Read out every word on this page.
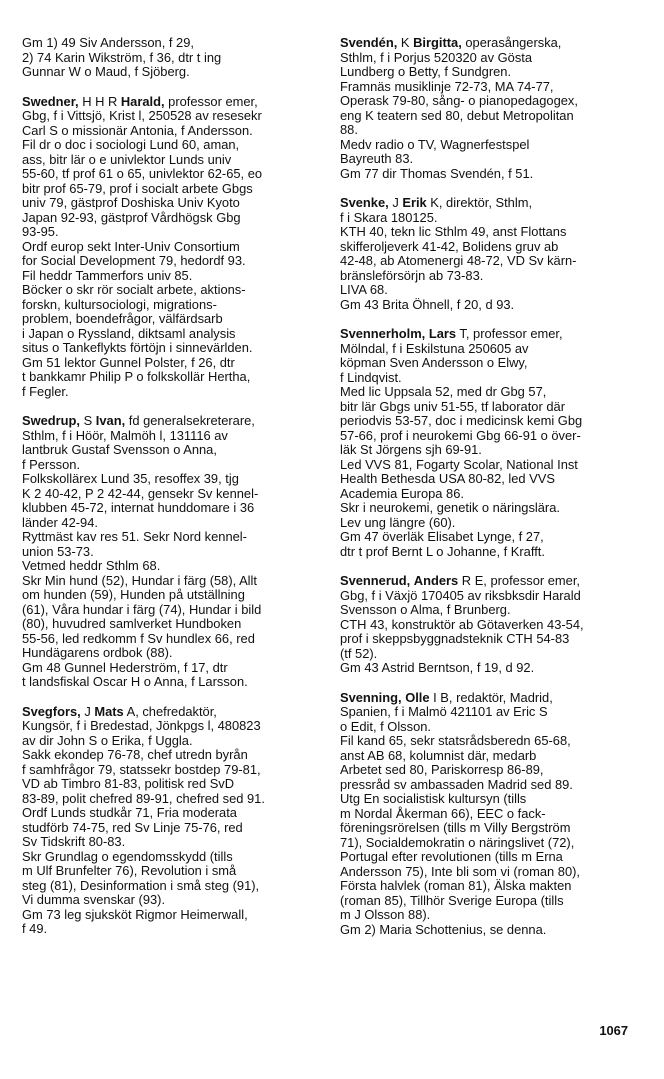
Gm 1) 49 Siv Andersson, f 29,
2) 74 Karin Wikström, f 36, dtr t ing
Gunnar W o Maud, f Sjöberg.

Swedner, H H R Harald, professor emer,
Gbg, f i Vittsjö, Krist l, 250528 av resesekr
Carl S o missionär Antonia, f Andersson.

Fil dr o doc i sociologi Lund 60, aman,
ass, bitr lär o e univlektor Lunds univ
55-60, tf prof 61 o 65, univlektor 62-65, eo
bitr prof 65-79, prof i socialt arbete Gbgs
univ 79, gästprof Doshiska Univ Kyoto
Japan 92-93, gästprof Vårdhögsk Gbg
93-95.

Ordf europ sekt Inter-Univ Consortium
for Social Development 79, hedordf 93.

Fil heddr Tammerfors univ 85.

Böcker o skr rör socialt arbete, aktions-
forskn, kultursociologi, migrations-
problem, boendefrågor, välfärdsarb
i Japan o Ryssland, diktsaml analysis
situs o Tankeflykts förtöjn i sinnevärlden.

Gm 51 lektor Gunnel Polster, f 26, dtr
t bankkamr Philip P o folkskollär Hertha,
f Fegler.

Swedrup, S Ivan, fd generalsekreterare,
Sthlm, f i Höör, Malmöh l, 131116 av
lantbruk Gustaf Svensson o Anna,
f Persson.

Folkskollärex Lund 35, resoffex 39, tjg
K 2 40-42, P 2 42-44, gensekr Sv kennel-
klubben 45-72, internat hunddomare i 36
länder 42-94.

Ryttmäst kav res 51. Sekr Nord kennel-
union 53-73.

Vetmed heddr Sthlm 68.

Skr Min hund (52), Hundar i färg (58), Allt
om hunden (59), Hunden på utställning
(61), Våra hundar i färg (74), Hundar i bild
(80), huvudred samlverket Hundboken
55-56, led redkomm f Sv hundlex 66, red
Hundägarens ordbok (88).

Gm 48 Gunnel Hederström, f 17, dtr
t landsfiskal Oscar H o Anna, f Larsson.

Svegfors, J Mats A, chefredaktör,
Kungsör, f i Bredestad, Jönkpgs l, 480823
av dir John S o Erika, f Uggla.

Sakk ekondep 76-78, chef utredn byrån
f samhfrågor 79, statssekr bostdep 79-81,
VD ab Timbro 81-83, politisk red SvD
83-89, polit chefred 89-91, chefred sed 91.

Ordf Lunds studkår 71, Fria moderata
studförb 74-75, red Sv Linje 75-76, red
Sv Tidskrift 80-83.

Skr Grundlag o egendomsskydd (tills
m Ulf Brunfelter 76), Revolution i små
steg (81), Desinformation i små steg (91),
Vi dumma svenskar (93).

Gm 73 leg sjuksköt Rigmor Heimerwall,
f 49.

Svendén, K Birgitta, operasångerska,
Sthlm, f i Porjus 520320 av Gösta
Lundberg o Betty, f Sundgren.

Framnäs musiklinje 72-73, MA 74-77,
Operask 79-80, sång- o pianopedagogex,
eng K teatern sed 80, debut Metropolitan
88.

Medv radio o TV, Wagnerfestspel
Bayreuth 83.

Gm 77 dir Thomas Svendén, f 51.

Svenke, J Erik K, direktör, Sthlm,
f i Skara 180125.

KTH 40, tekn lic Sthlm 49, anst Flottans
skifferoljeverk 41-42, Bolidens gruv ab
42-48, ab Atomenergi 48-72, VD Sv kärn-
bränsleförsörjn ab 73-83.

LIVA 68.

Gm 43 Brita Öhnell, f 20, d 93.

Svennerholm, Lars T, professor emer,
Mölndal, f i Eskilstuna 250605 av
köpman Sven Andersson o Elwy,
f Lindqvist.

Med lic Uppsala 52, med dr Gbg 57,
bitr lär Gbgs univ 51-55, tf laborator där
periodvis 53-57, doc i medicinsk kemi Gbg
57-66, prof i neurokemi Gbg 66-91 o över-
läk St Jörgens sjh 69-91.

Led VVS 81, Fogarty Scolar, National Inst
Health Bethesda USA 80-82, led VVS
Academia Europa 86.

Skr i neurokemi, genetik o näringslära.
Lev ung längre (60).

Gm 47 överläk Elisabet Lynge, f 27,
dtr t prof Bernt L o Johanne, f Krafft.

Svennerud, Anders R E, professor emer,
Gbg, f i Växjö 170405 av riksbksdir Harald
Svensson o Alma, f Brunberg.

CTH 43, konstruktör ab Götaverken 43-54,
prof i skeppsbyggnadsteknik CTH 54-83
(tf 52).

Gm 43 Astrid Berntson, f 19, d 92.

Svenning, Olle I B, redaktör, Madrid,
Spanien, f i Malmö 421101 av Eric S
o Edit, f Olsson.

Fil kand 65, sekr statsrådsberedn 65-68,
anst AB 68, kolumnist där, medarb
Arbetet sed 80, Pariskorresp 86-89,
pressråd sv ambassaden Madrid sed 89.

Utg En socialistisk kultursyn (tills
m Nordal Åkerman 66), EEC o fack-
föreningsrörelsen (tills m Villy Bergström
71), Socialdemokratin o näringslivet (72),
Portugal efter revolutionen (tills m Erna
Andersson 75), Inte bli som vi (roman 80),
Första halvlek (roman 81), Älska makten
(roman 85), Tillhör Sverige Europa (tills
m J Olsson 88).

Gm 2) Maria Schottenius, se denna.

1067
